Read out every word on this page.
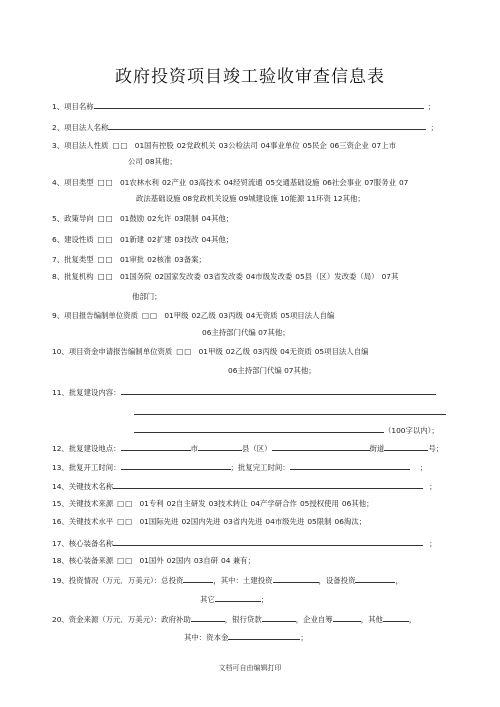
政府投资项目竣工验收审查信息表
1、项目名称	；
2、项目法人名称	；
3、项目法人性质 □□ 01国有控股 02党政机关 03公检法司 04事业单位 05民企 06三资企业 07上市
公司 08其他；
4、项目类型 □□ 01农林水利 02产业 03高技术 04经贸流通 05交通基础设施 06社会事业 07服务业 07
政法基础设施 08党政机关设施 09城建设施 10能源 11环资 12其他；
5、政策导向 □□ 01鼓励 02允许 03限制 04其他；
6、建设性质 □□ 01新建 02扩建 03技改 04其他；
7、批复类型 □□ 01审批 02核准 03备案；
8、批复机构 □□ 01国务院 02国家发改委 03省发改委 04市级发改委 05县（区）发改委（局） 07其
他部门；
9、项目报告编制单位资质 □□ 01甲级 02乙级 03丙级 04无资质 05项目法人自编
06主持部门代编 07其他；
10、项目资金申请报告编制单位资质 □□ 01甲级 02乙级 03丙级 04无资质 05项目法人自编
06主持部门代编 07其他；
11、批复建设内容：
（100字以内）；
12、批复建设地点：	市	县（区）	街道	号；
13、批复开工时间：	；批复完工时间：	；
14、关键技术名称	；
15、关键技术来源 □□ 01专利 02自主研发 03技术转让 04产学研合作 05授权使用 06其他；
16、关键技术水平 □□ 01国际先进 02国内先进 03省内先进 04市级先进 05限制 06淘汰；
17、核心装备名称	；
18、核心装备来源 □□ 01国外 02国内 03自研 04 兼有；
19、投资情况（万元．万美元）：总投资	，其中：土建投资	，设备投资	，
其它	；
20、资金来源（万元．万美元）：政府补助	，银行贷款	，企业自筹	，其他	，
其中：资本金	；
文档可自由编辑打印
